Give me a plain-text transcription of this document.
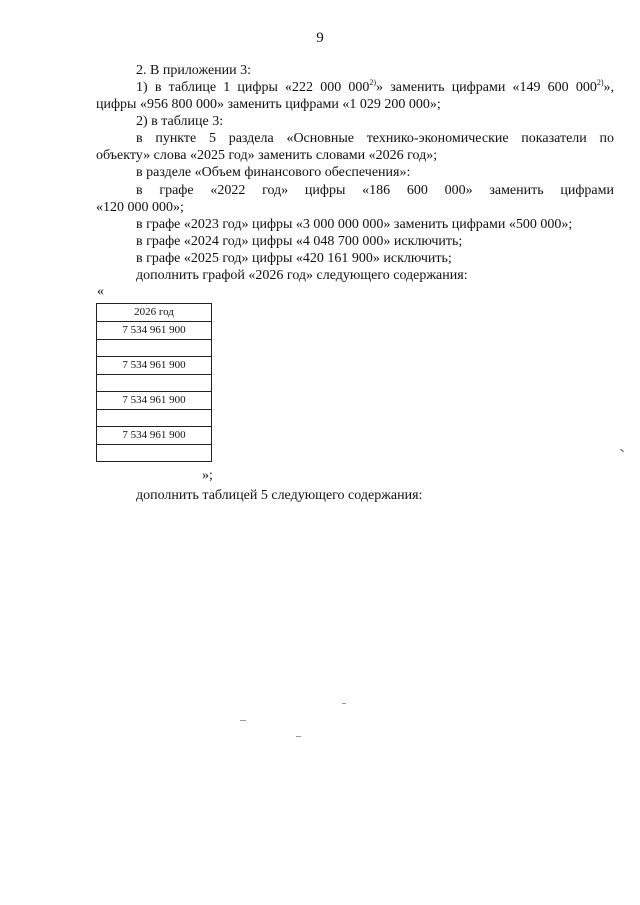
9
2. В приложении 3:
1) в таблице 1 цифры «222 000 000$^{2)}$» заменить цифрами «149 600 000$^{2)}$»,
цифры «956 800 000» заменить цифрами «1 029 200 000»;
2) в таблице 3:
в пункте 5 раздела «Основные технико-экономические показатели по
объекту» слова «2025 год» заменить словами «2026 год»;
в разделе «Объем финансового обеспечения»:
в графе «2022 год» цифры «186 600 000» заменить цифрами
«120 000 000»;
в графе «2023 год» цифры «3 000 000 000» заменить цифрами «500 000»;
в графе «2024 год» цифры «4 048 700 000» исключить;
в графе «2025 год» цифры «420 161 900» исключить;
дополнить графой «2026 год» следующего содержания:
«
2026 год
7 534 961 900

7 534 961 900

7 534 961 900

7 534 961 900

»;
дополнить таблицей 5 следующего содержания:
